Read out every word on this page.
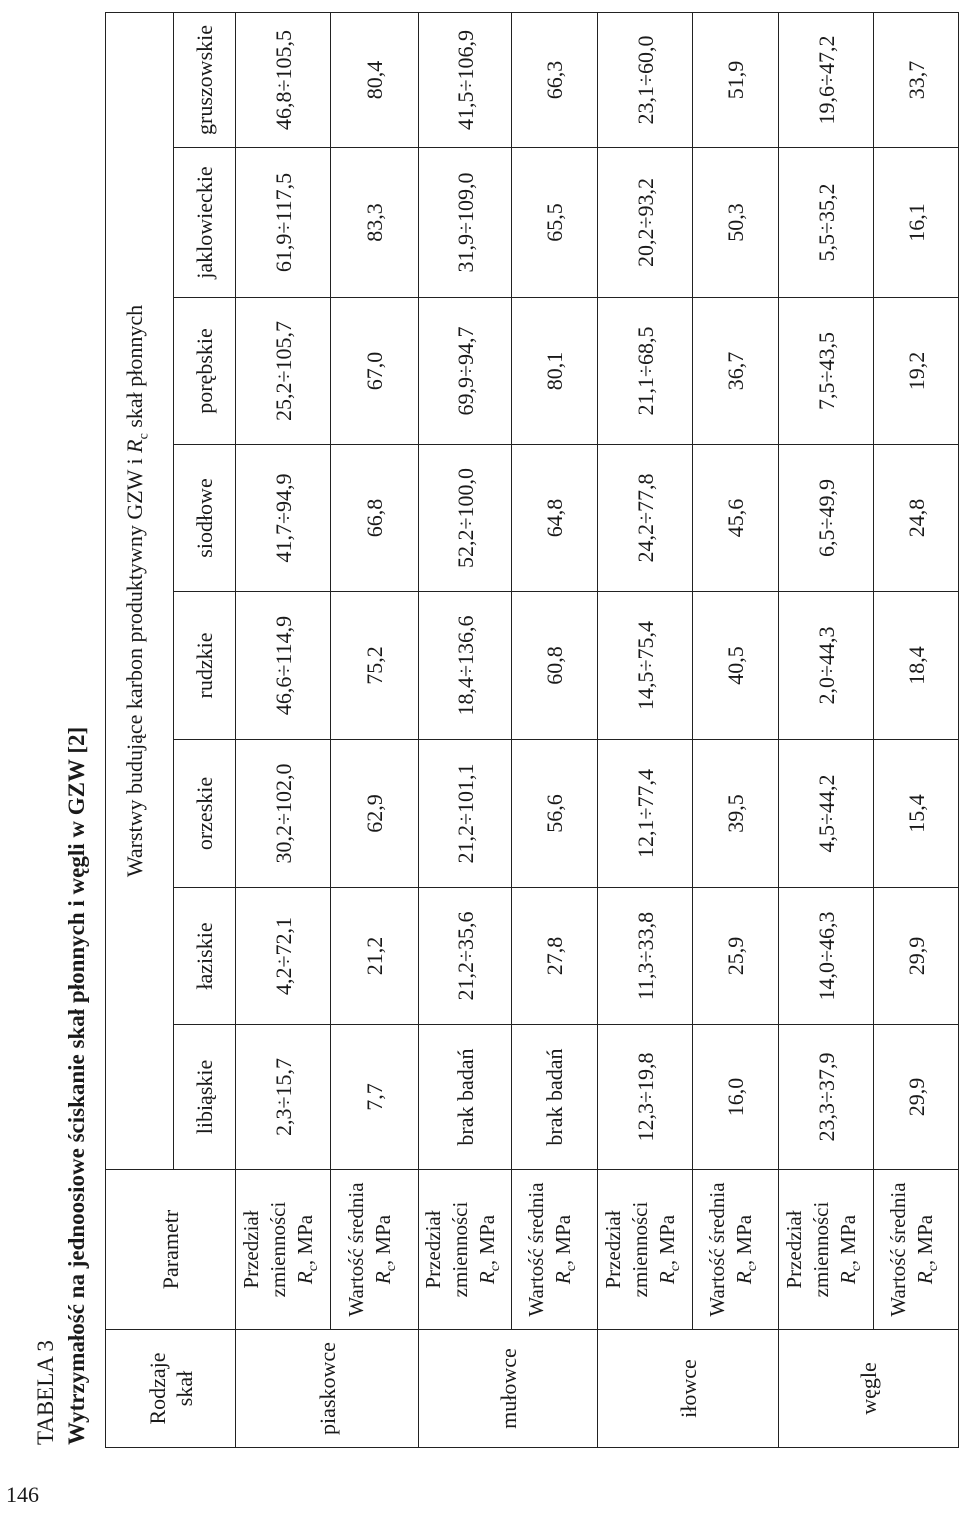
146
TABELA 3 Wytrzymałość na jednoosiowe ściskanie skał płonnych i węgli w GZW [2]	Rodzaje skał	Parametr	Warstwy budujące karbon produktywny GZW i $R_c$ skał płonnych							
		libiąskie	łaziskie	orzeskie	rudzkie	siodłowe	porębskie	jaklowieckie	gruszowskie
piaskowce	Przedział zmienności $R_c$, MPa	2,3÷15,7	4,2÷72,1	30,2÷102,0	46,6÷114,9	41,7÷94,9	25,2÷105,7	61,9÷117,5	46,8÷105,5
	Wartość średnia $R_c$, MPa	7,7	21,2	62,9	75,2	66,8	67,0	83,3	80,4
mułowce	Przedział zmienności $R_c$, MPa	brak badań	21,2÷35,6	21,2÷101,1	18,4÷136,6	52,2÷100,0	69,9÷94,7	31,9÷109,0	41,5÷106,9
	Wartość średnia $R_c$, MPa	brak badań	27,8	56,6	60,8	64,8	80,1	65,5	66,3
iłowce	Przedział zmienności $R_c$, MPa	12,3÷19,8	11,3÷33,8	12,1÷77,4	14,5÷75,4	24,2÷77,8	21,1÷68,5	20,2÷93,2	23,1÷60,0
	Wartość średnia $R_c$, MPa	16,0	25,9	39,5	40,5	45,6	36,7	50,3	51,9
węgle	Przedział zmienności $R_c$, MPa	23,3÷37,9	14,0÷46,3	4,5÷44,2	2,0÷44,3	6,5÷49,9	7,5÷43,5	5,5÷35,2	19,6÷47,2
	Wartość średnia $R_c$, MPa	29,9	29,9	15,4	18,4	24,8	19,2	16,1	33,7
